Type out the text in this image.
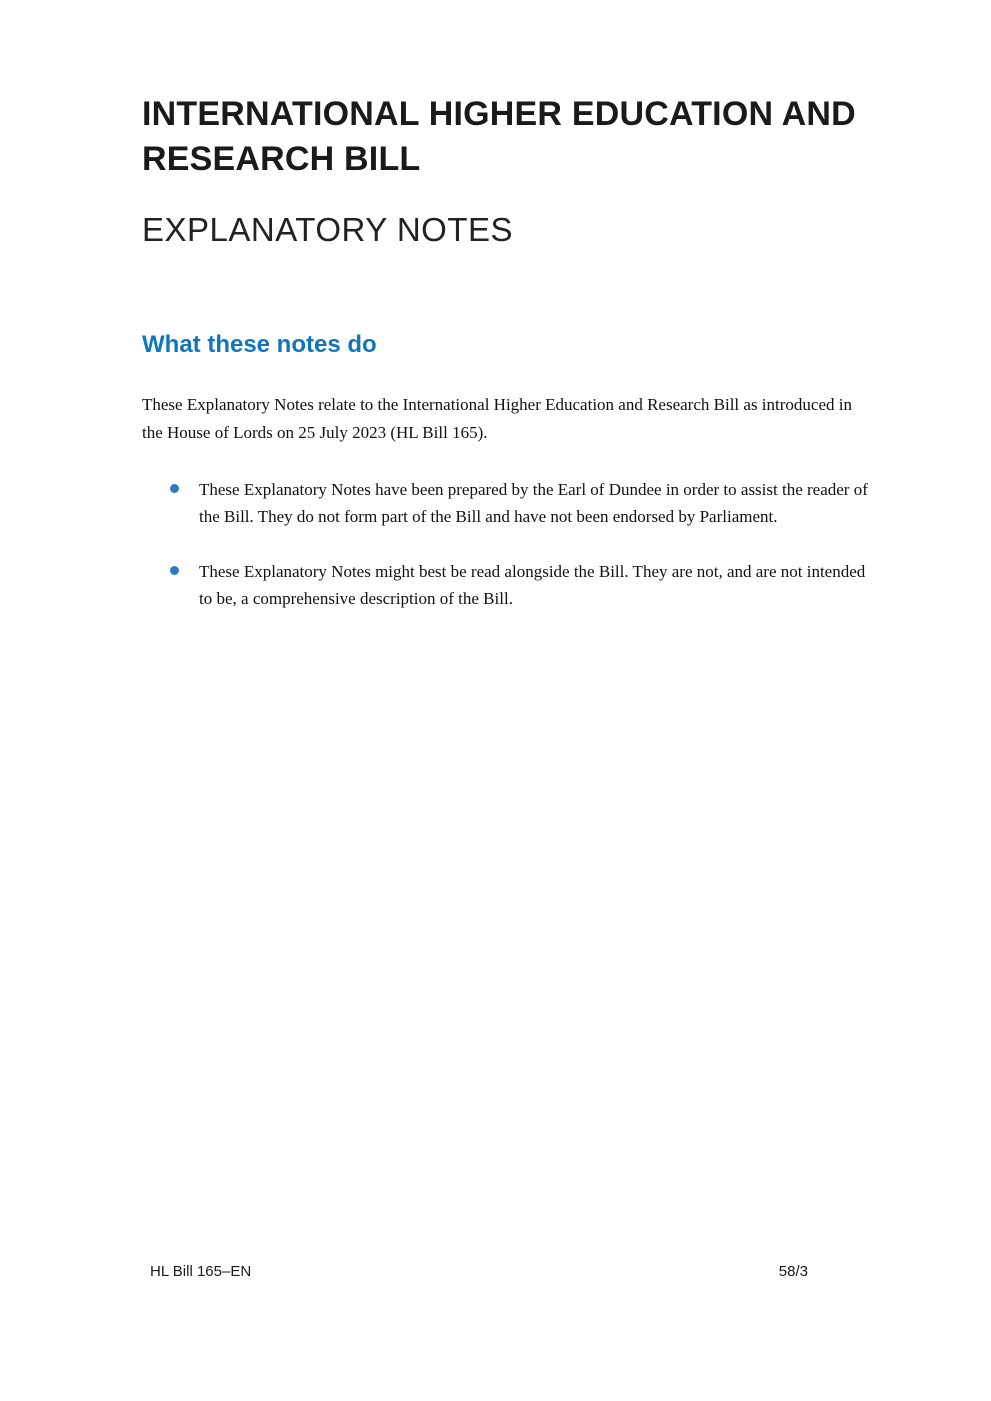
INTERNATIONAL HIGHER EDUCATION AND RESEARCH BILL
EXPLANATORY NOTES
What these notes do

These Explanatory Notes relate to the International Higher Education and Research Bill as introduced in the House of Lords on 25 July 2023 (HL Bill 165).

These Explanatory Notes have been prepared by the Earl of Dundee in order to assist the reader of the Bill. They do not form part of the Bill and have not been endorsed by Parliament.
These Explanatory Notes might best be read alongside the Bill. They are not, and are not intended to be, a comprehensive description of the Bill.
HL Bill 165–EN	58/3
